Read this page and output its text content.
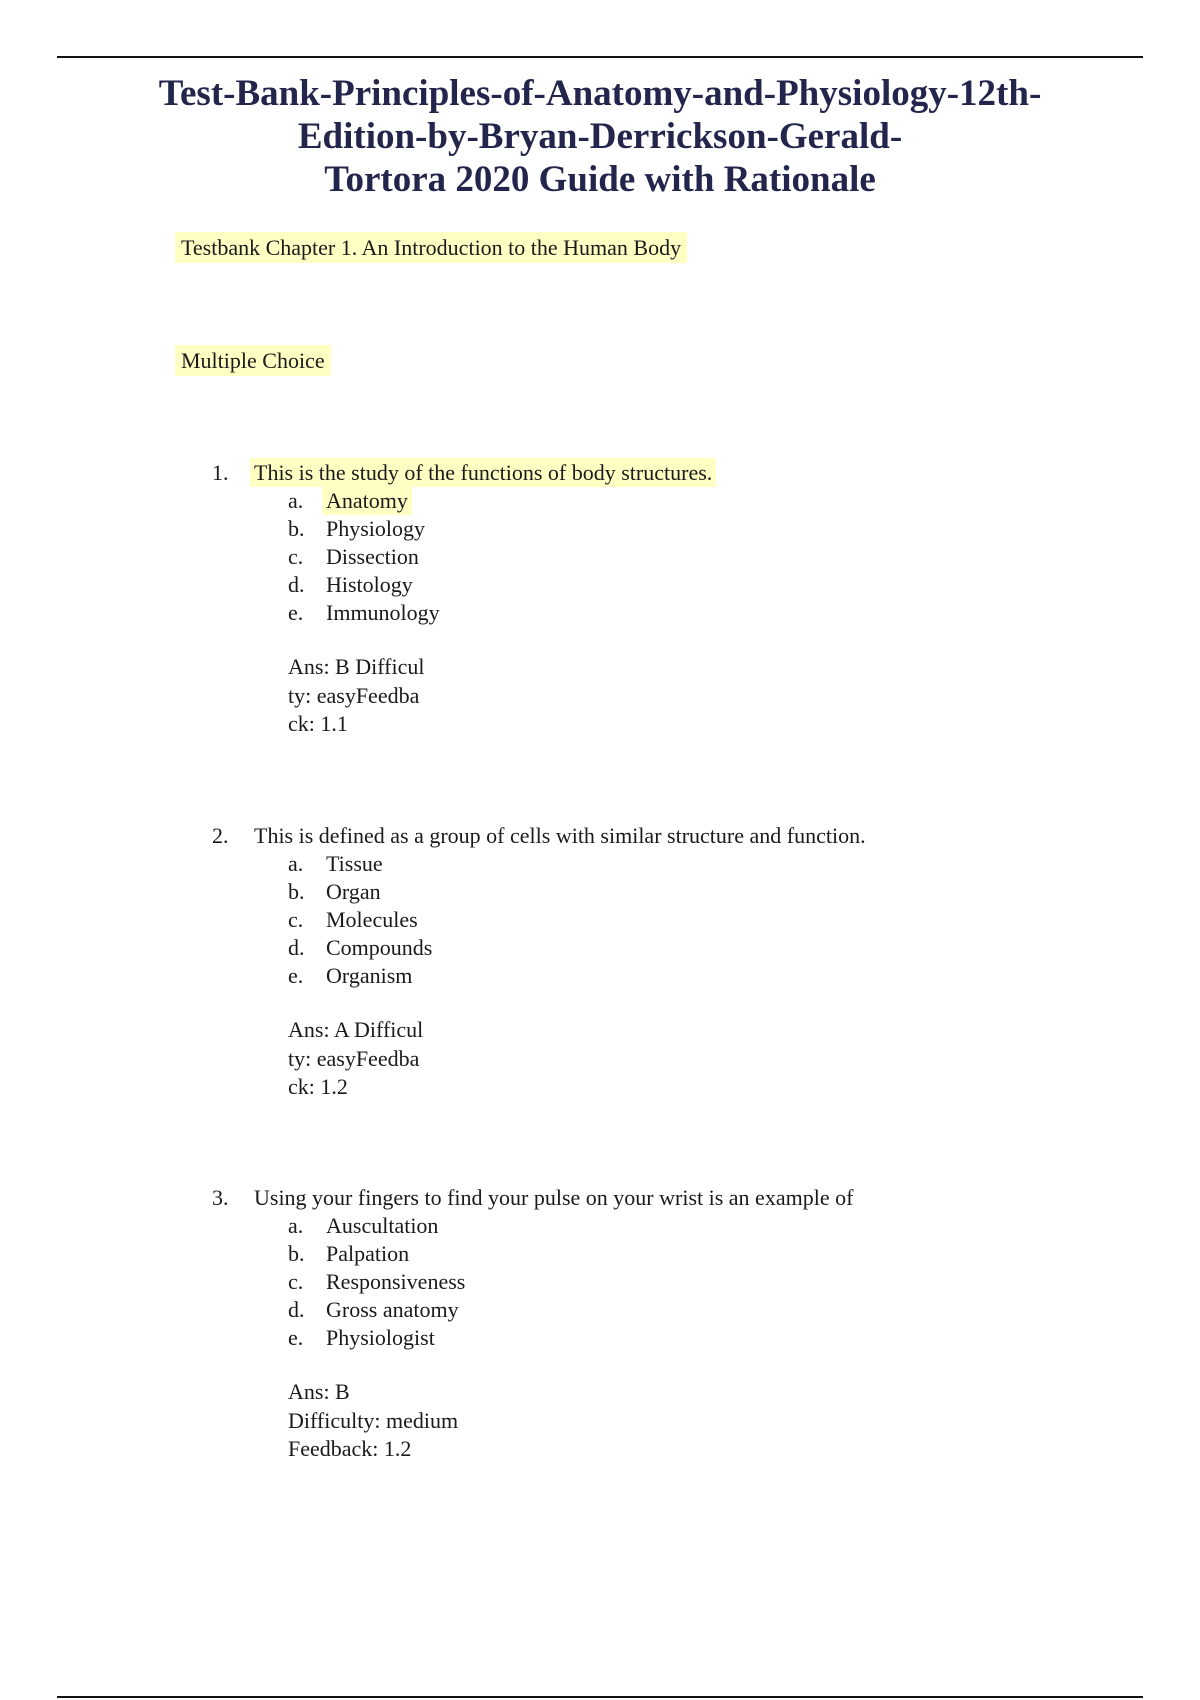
Test-Bank-Principles-of-Anatomy-and-Physiology-12th-
Edition-by-Bryan-Derrickson-Gerald-
Tortora 2020 Guide with Rationale
Testbank Chapter 1. An Introduction to the Human Body
Multiple Choice
1. This is the study of the functions of body structures.
a. Anatomy
b. Physiology
c. Dissection
d. Histology
e. Immunology
Ans: B Difficul
ty: easyFeedba
ck: 1.1
2. This is defined as a group of cells with similar structure and function.
a. Tissue
b. Organ
c. Molecules
d. Compounds
e. Organism
Ans: A Difficul
ty: easyFeedba
ck: 1.2
3. Using your fingers to find your pulse on your wrist is an example of
a. Auscultation
b. Palpation
c. Responsiveness
d. Gross anatomy
e. Physiologist
Ans: B
Difficulty: medium
Feedback: 1.2
